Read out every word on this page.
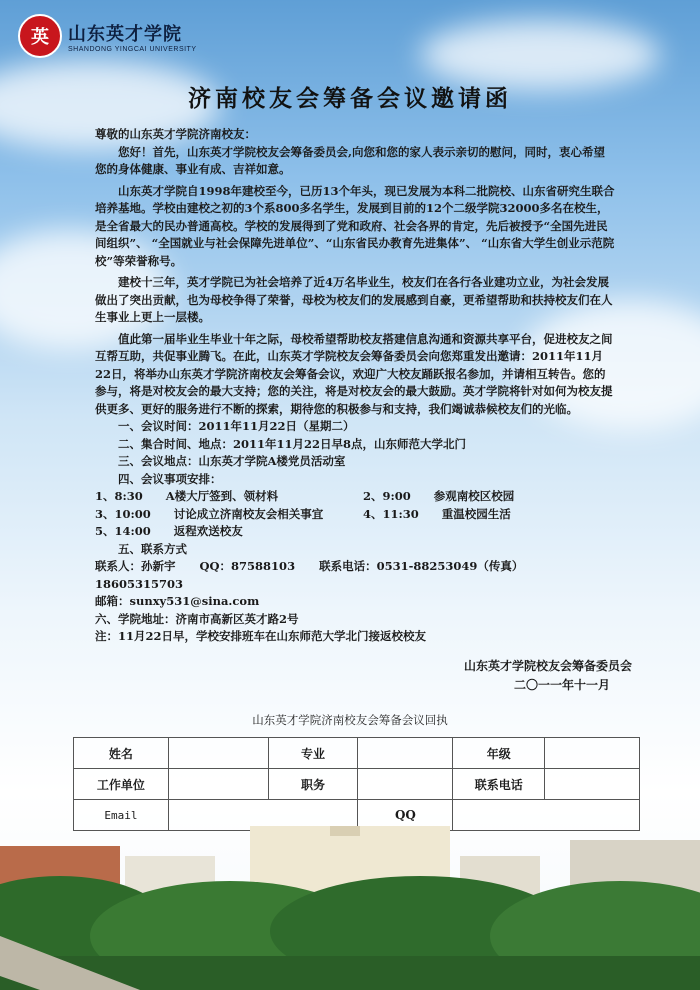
英	山东英才学院
SHANDONG YINGCAI UNIVERSITY
济南校友会筹备会议邀请函

尊敬的山东英才学院济南校友：

您好！首先，山东英才学院校友会筹备委员会,向您和您的家人表示亲切的慰问，同时，衷心希望您的身体健康、事业有成、吉祥如意。

山东英才学院自1998年建校至今，已历13个年头，现已发展为本科二批院校、山东省研究生联合培养基地。学校由建校之初的3个系800多名学生，发展到目前的12个二级学院32000多名在校生，是全省最大的民办普通高校。学校的发展得到了党和政府、社会各界的肯定，先后被授予“全国先进民间组织”、 “全国就业与社会保障先进单位”、“山东省民办教育先进集体”、 “山东省大学生创业示范院校”等荣誉称号。

建校十三年，英才学院已为社会培养了近4万名毕业生，校友们在各行各业建功立业，为社会发展做出了突出贡献，也为母校争得了荣誉，母校为校友们的发展感到自豪，更希望帮助和扶持校友们在人生事业上更上一层楼。

值此第一届毕业生毕业十年之际，母校希望帮助校友搭建信息沟通和资源共享平台，促进校友之间互帮互助，共促事业腾飞。在此，山东英才学院校友会筹备委员会向您郑重发出邀请：2011年11月22日，将举办山东英才学院济南校友会筹备会议，欢迎广大校友踊跃报名参加，并请相互转告。您的参与，将是对校友会的最大支持；您的关注，将是对校友会的最大鼓励。英才学院将针对如何为校友提供更多、更好的服务进行不断的探索，期待您的积极参与和支持，我们竭诚恭候校友们的光临。

一、会议时间：2011年11月22日（星期二）

二、集合时间、地点：2011年11月22日早8点，山东师范大学北门

三、会议地点：山东英才学院A楼党员活动室

四、会议事项安排：

1、8:30　　A楼大厅签到、领材料	2、9:00　　参观南校区校园
3、10:00　　讨论成立济南校友会相关事宜	4、11:30　　重温校园生活
5、14:00　　返程欢送校友

五、联系方式

联系人：孙新宇 QQ：87588103 联系电话：0531-88253049（传真）　18605315703

邮箱：sunxy531@sina.com

六、学院地址：济南市高新区英才路2号

注：11月22日早，学校安排班车在山东师范大学北门接返校校友

山东英才学院校友会筹备委员会
二〇一一年十一月
山东英才学院济南校友会筹备会议回执
姓名		专业		年级	
工作单位		职务		联系电话	
Email			QQ		
